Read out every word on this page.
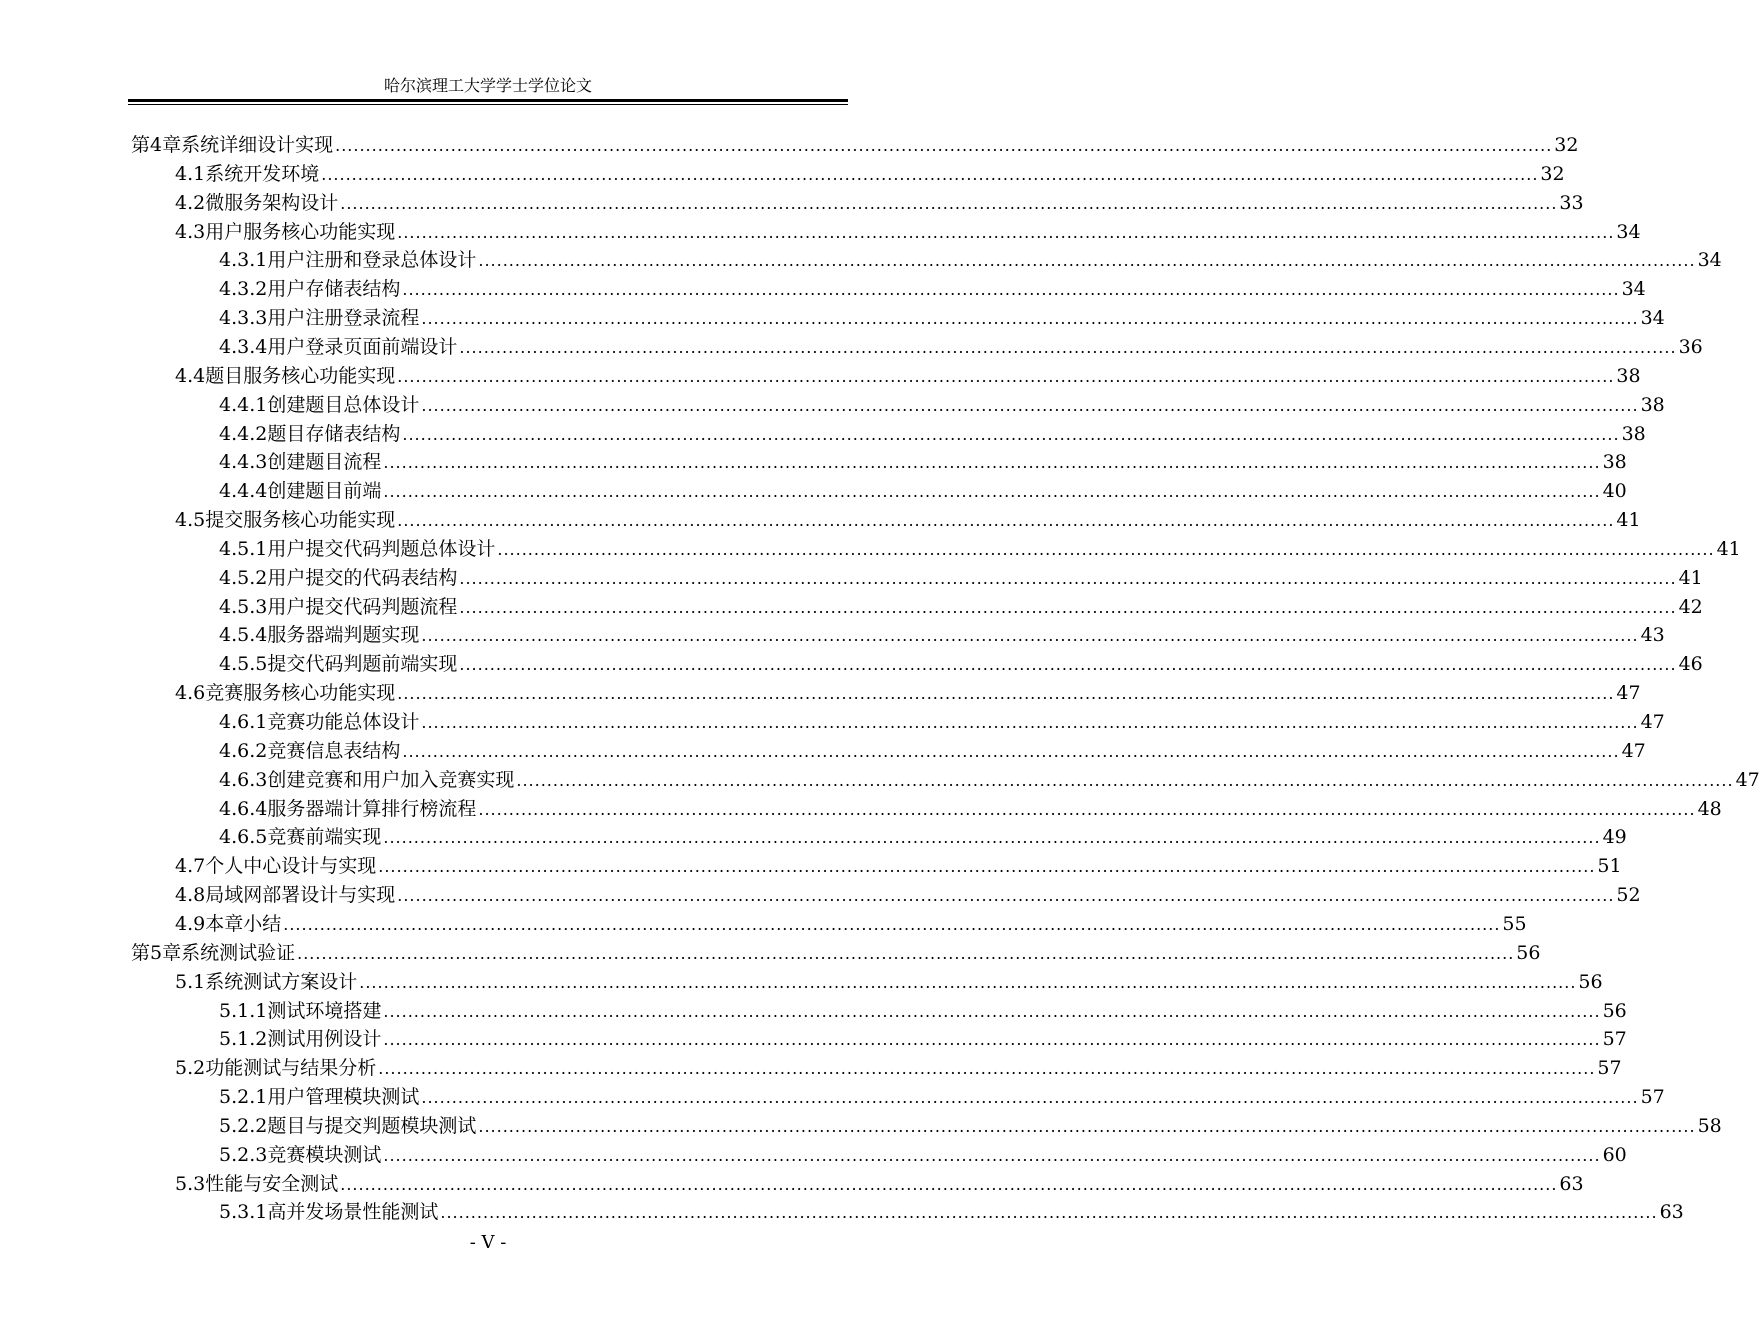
哈尔滨理工大学学士学位论文
第4章 系统详细设计实现 ........................................................................................................................................................................................................ 32
4.1 系统开发环境 ........................................................................................................................................................................................................ 32
4.2 微服务架构设计 ........................................................................................................................................................................................................ 33
4.3 用户服务核心功能实现 ........................................................................................................................................................................................................ 34
4.3.1 用户注册和登录总体设计 ........................................................................................................................................................................................................ 34
4.3.2 用户存储表结构 ........................................................................................................................................................................................................ 34
4.3.3 用户注册登录流程 ........................................................................................................................................................................................................ 34
4.3.4 用户登录页面前端设计 ........................................................................................................................................................................................................ 36
4.4 题目服务核心功能实现 ........................................................................................................................................................................................................ 38
4.4.1 创建题目总体设计 ........................................................................................................................................................................................................ 38
4.4.2 题目存储表结构 ........................................................................................................................................................................................................ 38
4.4.3 创建题目流程 ........................................................................................................................................................................................................ 38
4.4.4 创建题目前端 ........................................................................................................................................................................................................ 40
4.5 提交服务核心功能实现 ........................................................................................................................................................................................................ 41
4.5.1 用户提交代码判题总体设计 ........................................................................................................................................................................................................ 41
4.5.2 用户提交的代码表结构 ........................................................................................................................................................................................................ 41
4.5.3 用户提交代码判题流程 ........................................................................................................................................................................................................ 42
4.5.4 服务器端判题实现 ........................................................................................................................................................................................................ 43
4.5.5 提交代码判题前端实现 ........................................................................................................................................................................................................ 46
4.6 竞赛服务核心功能实现 ........................................................................................................................................................................................................ 47
4.6.1 竞赛功能总体设计 ........................................................................................................................................................................................................ 47
4.6.2 竞赛信息表结构 ........................................................................................................................................................................................................ 47
4.6.3 创建竞赛和用户加入竞赛实现 ........................................................................................................................................................................................................ 47
4.6.4 服务器端计算排行榜流程 ........................................................................................................................................................................................................ 48
4.6.5 竞赛前端实现 ........................................................................................................................................................................................................ 49
4.7 个人中心设计与实现 ........................................................................................................................................................................................................ 51
4.8 局域网部署设计与实现 ........................................................................................................................................................................................................ 52
4.9 本章小结 ........................................................................................................................................................................................................ 55
第5章 系统测试验证 ........................................................................................................................................................................................................ 56
5.1 系统测试方案设计 ........................................................................................................................................................................................................ 56
5.1.1 测试环境搭建 ........................................................................................................................................................................................................ 56
5.1.2 测试用例设计 ........................................................................................................................................................................................................ 57
5.2 功能测试与结果分析 ........................................................................................................................................................................................................ 57
5.2.1 用户管理模块测试 ........................................................................................................................................................................................................ 57
5.2.2 题目与提交判题模块测试 ........................................................................................................................................................................................................ 58
5.2.3 竞赛模块测试 ........................................................................................................................................................................................................ 60
5.3 性能与安全测试 ........................................................................................................................................................................................................ 63
5.3.1 高并发场景性能测试 ........................................................................................................................................................................................................ 63
- V -
